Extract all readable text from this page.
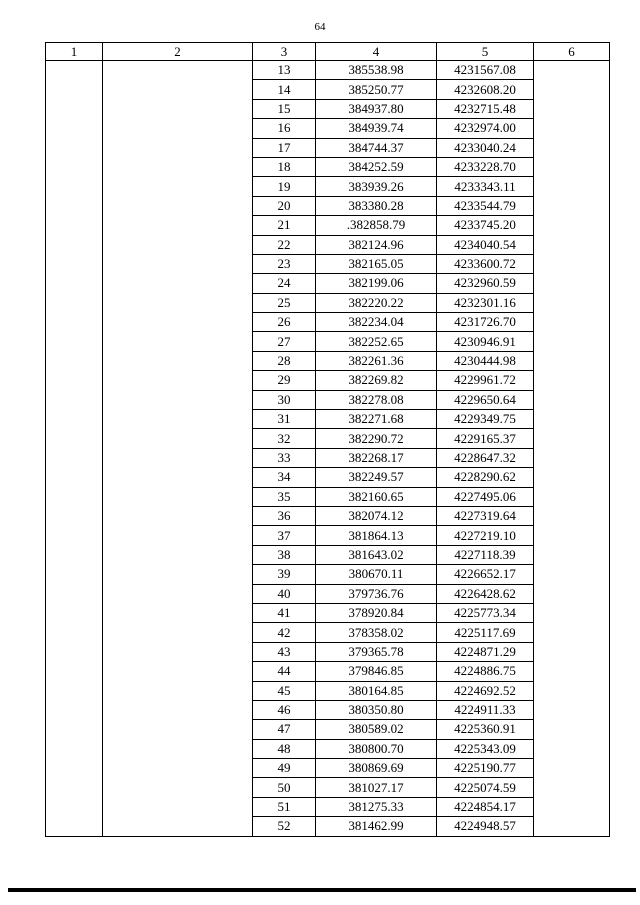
64
1	2	3	4	5	6
		13	385538.98	4231567.08	
		14	385250.77	4232608.20	
		15	384937.80	4232715.48	
		16	384939.74	4232974.00	
		17	384744.37	4233040.24	
		18	384252.59	4233228.70	
		19	383939.26	4233343.11	
		20	383380.28	4233544.79	
		21	.382858.79	4233745.20	
		22	382124.96	4234040.54	
		23	382165.05	4233600.72	
		24	382199.06	4232960.59	
		25	382220.22	4232301.16	
		26	382234.04	4231726.70	
		27	382252.65	4230946.91	
		28	382261.36	4230444.98	
		29	382269.82	4229961.72	
		30	382278.08	4229650.64	
		31	382271.68	4229349.75	
		32	382290.72	4229165.37	
		33	382268.17	4228647.32	
		34	382249.57	4228290.62	
		35	382160.65	4227495.06	
		36	382074.12	4227319.64	
		37	381864.13	4227219.10	
		38	381643.02	4227118.39	
		39	380670.11	4226652.17	
		40	379736.76	4226428.62	
		41	378920.84	4225773.34	
		42	378358.02	4225117.69	
		43	379365.78	4224871.29	
		44	379846.85	4224886.75	
		45	380164.85	4224692.52	
		46	380350.80	4224911.33	
		47	380589.02	4225360.91	
		48	380800.70	4225343.09	
		49	380869.69	4225190.77	
		50	381027.17	4225074.59	
		51	381275.33	4224854.17	
		52	381462.99	4224948.57	
